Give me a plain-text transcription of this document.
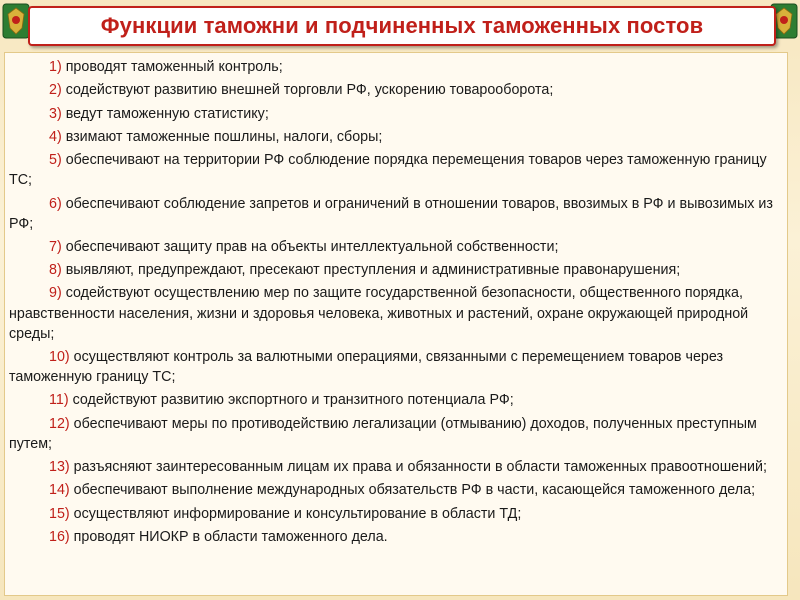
Функции таможни и подчиненных таможенных постов

1) проводят таможенный контроль;

2) содействуют развитию внешней торговли РФ, ускорению товарооборота;

3) ведут таможенную статистику;

4) взимают таможенные пошлины, налоги, сборы;

5) обеспечивают на территории РФ соблюдение порядка перемещения товаров через таможенную границу ТС;

6) обеспечивают соблюдение запретов и ограничений в отношении товаров, ввозимых в РФ и вывозимых из РФ;

7) обеспечивают защиту прав на объекты интеллектуальной собственности;

8) выявляют, предупреждают, пресекают преступления и административные правонарушения;

9) содействуют осуществлению мер по защите государственной безопасности, общественного порядка, нравственности населения, жизни и здоровья человека, животных и растений, охране окружающей природной среды;

10) осуществляют контроль за валютными операциями, связанными с перемещением товаров через таможенную границу ТС;

11) содействуют развитию экспортного и транзитного потенциала РФ;

12) обеспечивают меры по противодействию легализации (отмыванию) доходов, полученных преступным путем;

13) разъясняют заинтересованным лицам их права и обязанности в области таможенных правоотношений;

14) обеспечивают выполнение международных обязательств РФ в части, касающейся таможенного дела;

15) осуществляют информирование и консультирование в области ТД;

16) проводят НИОКР в области таможенного дела.
